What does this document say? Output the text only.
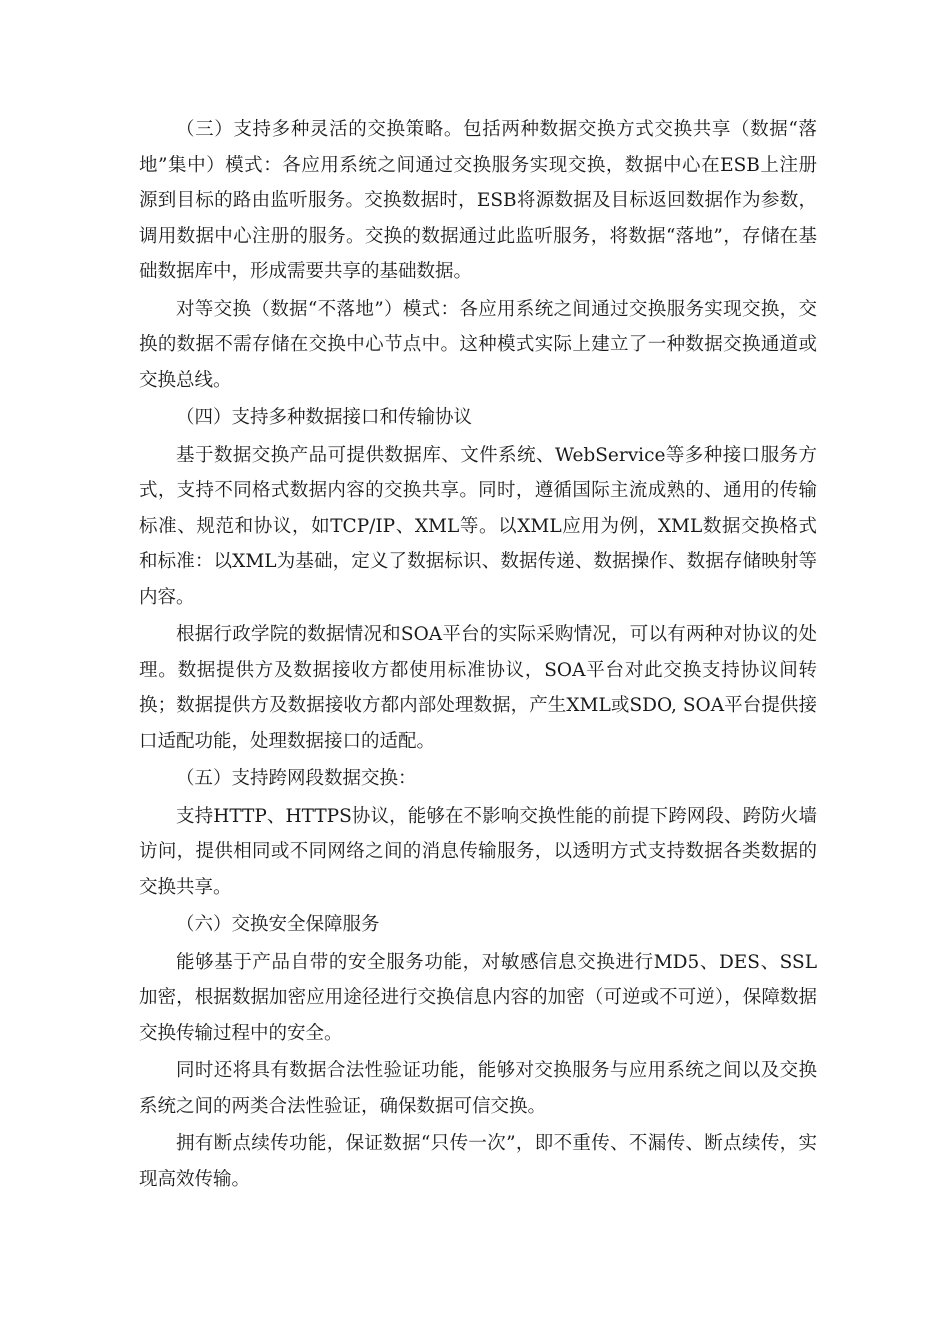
（三）支持多种灵活的交换策略。包括两种数据交换方式交换共享（数据“落地”集中）模式：各应用系统之间通过交换服务实现交换，数据中心在ESB上注册源到目标的路由监听服务。交换数据时，ESB将源数据及目标返回数据作为参数，调用数据中心注册的服务。交换的数据通过此监听服务，将数据“落地”，存储在基础数据库中，形成需要共享的基础数据。

对等交换（数据“不落地”）模式：各应用系统之间通过交换服务实现交换，交换的数据不需存储在交换中心节点中。这种模式实际上建立了一种数据交换通道或交换总线。

（四）支持多种数据接口和传输协议

基于数据交换产品可提供数据库、文件系统、WebService等多种接口服务方式，支持不同格式数据内容的交换共享。同时，遵循国际主流成熟的、通用的传输标准、规范和协议，如TCP/IP、XML等。以XML应用为例，XML数据交换格式和标准：以XML为基础，定义了数据标识、数据传递、数据操作、数据存储映射等内容。

根据行政学院的数据情况和SOA平台的实际采购情况，可以有两种对协议的处理。数据提供方及数据接收方都使用标准协议，SOA平台对此交换支持协议间转换；数据提供方及数据接收方都内部处理数据，产生XML或SDO, SOA平台提供接口适配功能，处理数据接口的适配。

（五）支持跨网段数据交换：

支持HTTP、HTTPS协议，能够在不影响交换性能的前提下跨网段、跨防火墙访问，提供相同或不同网络之间的消息传输服务，以透明方式支持数据各类数据的交换共享。

（六）交换安全保障服务

能够基于产品自带的安全服务功能，对敏感信息交换进行MD5、DES、SSL加密，根据数据加密应用途径进行交换信息内容的加密（可逆或不可逆），保障数据交换传输过程中的安全。

同时还将具有数据合法性验证功能，能够对交换服务与应用系统之间以及交换系统之间的两类合法性验证，确保数据可信交换。

拥有断点续传功能，保证数据“只传一次”，即不重传、不漏传、断点续传，实现高效传输。
